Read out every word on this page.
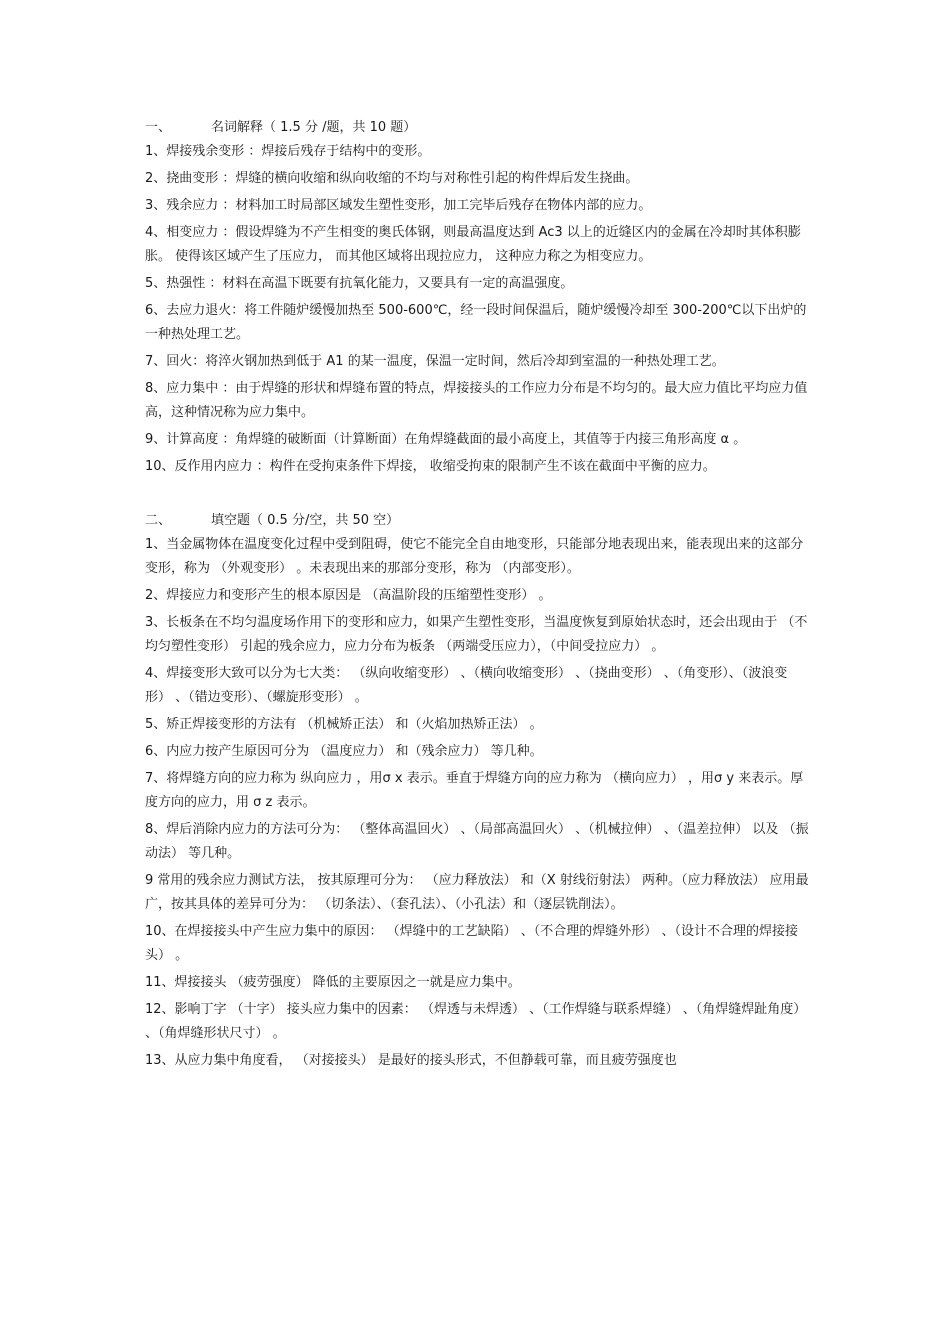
一、	名词解释（ 1.5 分 /题，共 10 题）
1、焊接残余变形 ：焊接后残存于结构中的变形。
2、挠曲变形 ：焊缝的横向收缩和纵向收缩的不均与对称性引起的构件焊后发生挠曲。
3、残余应力 ：材料加工时局部区域发生塑性变形，加工完毕后残存在物体内部的应力。
4、相变应力 ：假设焊缝为不产生相变的奥氏体钢，则最高温度达到 Ac3 以上的近缝区内的金属在冷却时其体积膨胀。 使得该区域产生了压应力， 而其他区域将出现拉应力， 这种应力称之为相变应力。
5、热强性 ：材料在高温下既要有抗氧化能力，又要具有一定的高温强度。
6、去应力退火：将工件随炉缓慢加热至 500-600℃，经一段时间保温后，随炉缓慢冷却至 300-200℃以下出炉的一种热处理工艺。
7、回火：将淬火钢加热到低于 A1 的某一温度，保温一定时间，然后冷却到室温的一种热处理工艺。
8、应力集中 ：由于焊缝的形状和焊缝布置的特点，焊接接头的工作应力分布是不均匀的。最大应力值比平均应力值高，这种情况称为应力集中。
9、计算高度 ：角焊缝的破断面（计算断面）在角焊缝截面的最小高度上，其值等于内接三角形高度 α 。
10、反作用内应力 ：构件在受拘束条件下焊接， 收缩受拘束的限制产生不该在截面中平衡的应力。
二、	填空题（ 0.5 分/空，共 50 空）
1、当金属物体在温度变化过程中受到阻碍，使它不能完全自由地变形，只能部分地表现出来，能表现出来的这部分变形，称为 （外观变形） 。未表现出来的那部分变形，称为 （内部变形）。
2、焊接应力和变形产生的根本原因是 （高温阶段的压缩塑性变形） 。
3、长板条在不均匀温度场作用下的变形和应力，如果产生塑性变形，当温度恢复到原始状态时，还会出现由于 （不均匀塑性变形） 引起的残余应力，应力分布为板条 （两端受压应力），（中间受拉应力） 。
4、焊接变形大致可以分为七大类： （纵向收缩变形） 、（横向收缩变形） 、（挠曲变形） 、（角变形）、（波浪变形） 、（错边变形）、（螺旋形变形） 。
5、矫正焊接变形的方法有 （机械矫正法） 和（火焰加热矫正法） 。
6、内应力按产生原因可分为 （温度应力） 和（残余应力） 等几种。
7、将焊缝方向的应力称为 纵向应力 ，用σ x 表示。垂直于焊缝方向的应力称为 （横向应力） ，用σ y 来表示。厚度方向的应力，用 σ z 表示。
8、焊后消除内应力的方法可分为： （整体高温回火） 、（局部高温回火） 、（机械拉伸） 、（温差拉伸） 以及 （振动法） 等几种。
9 常用的残余应力测试方法， 按其原理可分为： （应力释放法） 和（X 射线衍射法） 两种。（应力释放法） 应用最广，按其具体的差异可分为： （切条法）、（套孔法）、（小孔法）和（逐层铣削法）。
10、在焊接接头中产生应力集中的原因： （焊缝中的工艺缺陷） 、（不合理的焊缝外形） 、（设计不合理的焊接接头） 。
11、焊接接头 （疲劳强度） 降低的主要原因之一就是应力集中。
12、影响丁字 （十字） 接头应力集中的因素： （焊透与未焊透） 、（工作焊缝与联系焊缝） 、（角焊缝焊趾角度） 、（角焊缝形状尺寸） 。
13、从应力集中角度看， （对接接头） 是最好的接头形式，不但静载可靠，而且疲劳强度也
